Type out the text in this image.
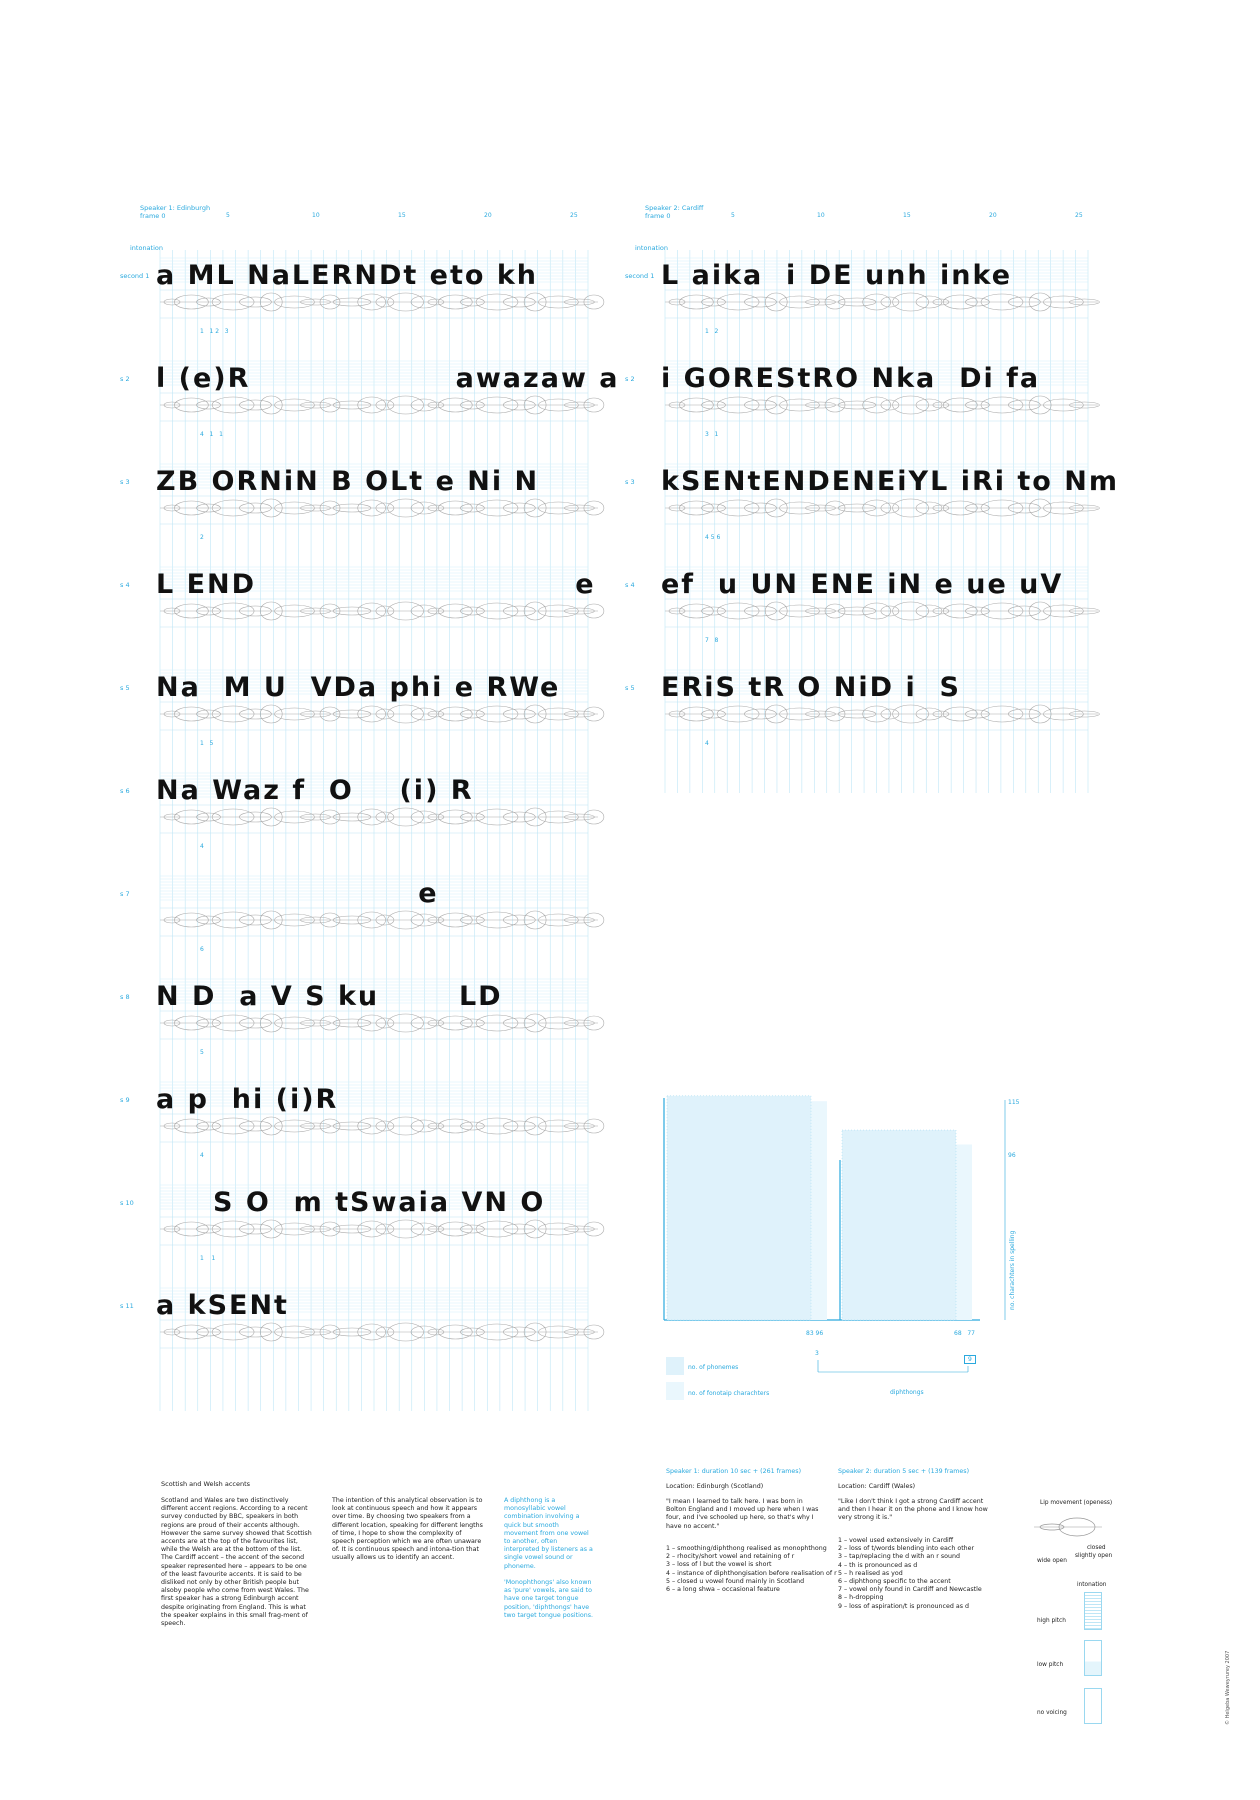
Speaker 1: Edinburgh
frame 0
intonation
5	10	15	20	25
second 1 a ML NaLERNDt eto kh
1   1 2   3
s 2 l (e)R                  awazaw a
4   1   1
s 3 ZB ORNiN B OLt e Ni N
2
s 4 L END                            e
s 5 Na  M U  VDa phi e RWe
1   5
s 6 Na Waz f  O    (i) R
4
s 7 e
6
s 8 N D  a V S ku       LD
5
s 9 a p  hi (i)R
4
s 10 S O  m tSwaia VN O
1    1
s 11 a kSENt
Speaker 2: Cardiff
frame 0
intonation
5	10	15	20	25
second 1 L aika  i DE unh inke
1   2
s 2 i GOREStRO Nka  Di fa
3   1
s 3 kSENtENDENEiYL iRi to Nm
4 5 6
s 4 ef  u UN ENE iN e ue uV
7   8
s 5 ERiS tR O NiD i  S
4
115
96
no. charachters in spelling
83 96	68   77
3
9
diphthongs
no. of phonemes
no. of fonotaip charachters
Scottish and Welsh accents
Scotland and Wales are two distinctively different accent regions. According to a recent survey conducted by BBC, speakers in both regions are proud of their accents although. However the same survey showed that Scottish accents are at the top of the favourites list, while the Welsh are at the bottom of the list. The Cardiff accent – the accent of the second speaker represented here – appears to be one of the least favourite accents. It is said to be disliked not only by other British people but alsoby people who come from west Wales. The first speaker has a strong Edinburgh accent despite originating from England. This is what the speaker explains in this small frag-ment of speech.
The intention of this analytical observation is to look at continuous speech and how it appears over time. By choosing two speakers from a different location, speaking for different lengths of time, I hope to show the complexity of speech perception which we are often unaware of. It is continuous speech and intona-tion that usually allows us to identify an accent.
A diphthong is a monosyllabic vowel combination involving a quick but smooth movement from one vowel to another, often interpreted by listeners as a single vowel sound or phoneme.

'Monophthongs' also known as 'pure' vowels, are said to have one target tongue position, 'diphthongs' have two target tongue positions.
Speaker 1: duration 10 sec + (261 frames)
Location: Edinburgh (Scotland)
"I mean I learned to talk here. I was born in Bolton England and I moved up here when I was four, and I've schooled up here, so that's why I have no accent."
1 – smoothing/diphthong realised as monophthong
2 – rhocity/short vowel and retaining of r
3 – loss of l but the vowel is short
4 – instance of diphthongisation before realisation of r
5 – closed u vowel found mainly in Scotland
6 – a long shwa – occasional feature
Speaker 2: duration 5 sec + (139 frames)
Location: Cardiff (Wales)
"Like I don't think I got a strong Cardiff accent and then I hear it on the phone and I know how very strong it is."
1 – vowel used extensively in Cardiff
2 – loss of t/words blending into each other
3 – tap/replacing the d with an r sound
4 – th is pronounced as d
5 – h realised as yod
6 – diphthong specific to the accent
7 – vowel only found in Cardiff and Newcastle
8 – h-dropping
9 – loss of aspiration/t is pronounced as d
Lip movement (openess)
closed
slightly open
wide open
intonation
high pitch
low pitch
no voicing	© Helgeba Weweyrurey 2007
